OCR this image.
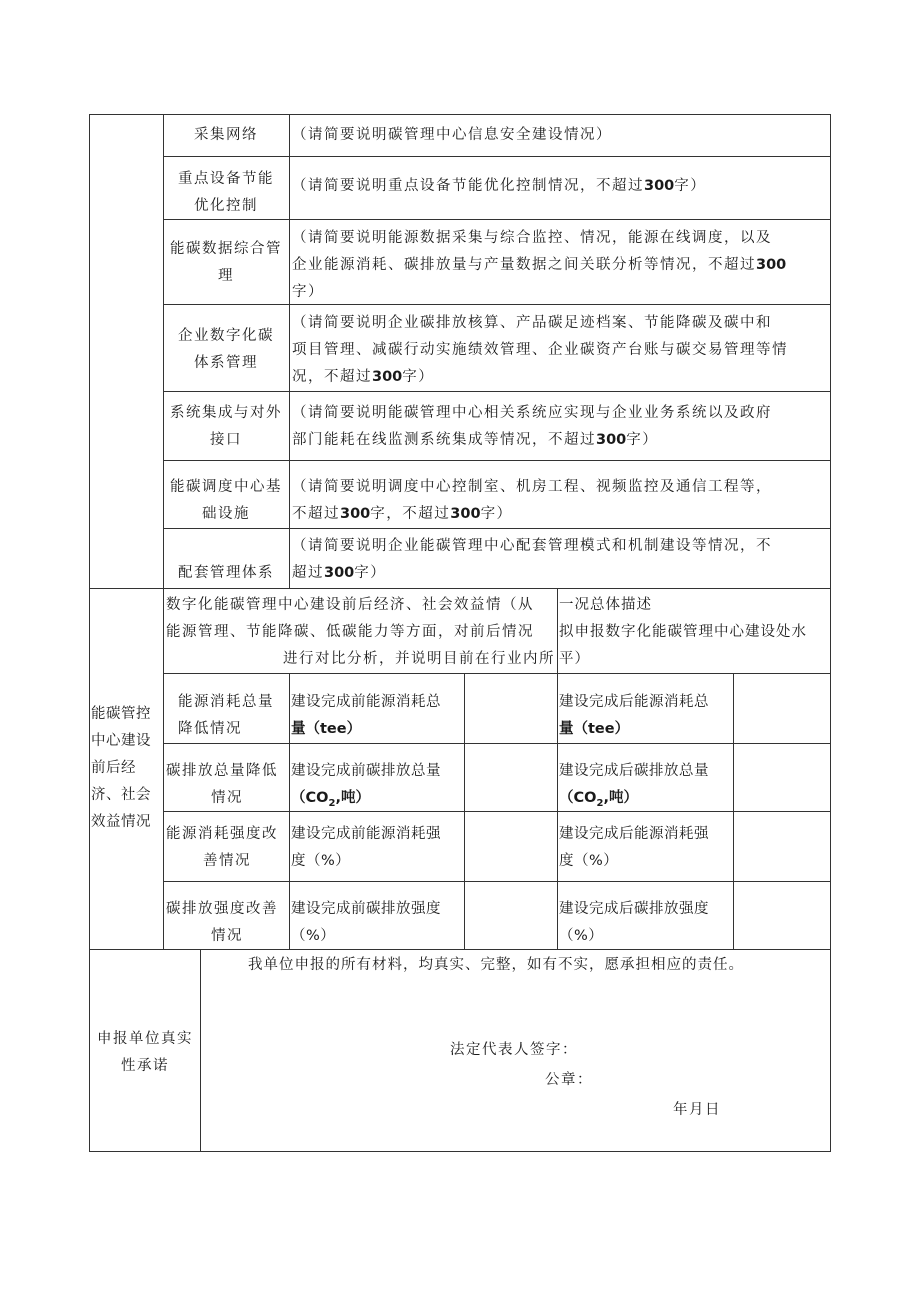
采集网络	（请简要说明碳管理中心信息安全建设情况）
重点设备节能
优化控制
（请简要说明重点设备节能优化控制情况，不超过300字）
能碳数据综合管
理
（请简要说明能源数据采集与综合监控、情况，能源在线调度，以及
企业能源消耗、碳排放量与产量数据之间关联分析等情况，不超过300
字）
企业数字化碳
体系管理
（请简要说明企业碳排放核算、产品碳足迹档案、节能降碳及碳中和
项目管理、减碳行动实施绩效管理、企业碳资产台账与碳交易管理等情
况，不超过300字）
系统集成与对外
接口
（请简要说明能碳管理中心相关系统应实现与企业业务系统以及政府
部门能耗在线监测系统集成等情况，不超过300字）
能碳调度中心基
础设施
（请简要说明调度中心控制室、机房工程、视频监控及通信工程等，
不超过300字，不超过300字）
配套管理体系
（请简要说明企业能碳管理中心配套管理模式和机制建设等情况，不
超过300字）
能碳管控
中心建设
前后经
济、社会
效益情况
数字化能碳管理中心建设前后经济、社会效益情（从
能源管理、节能降碳、低碳能力等方面，对前后情况
进行对比分析，并说明目前在行业内所
一况总体描述
拟申报数字化能碳管理中心建设处水
平）
能源消耗总量
降低情况
建设完成前能源消耗总
量（tee）
建设完成后能源消耗总
量（tee）
碳排放总量降低
情况
建设完成前碳排放总量
（$CO_2$,吨）
建设完成后碳排放总量
（$CO_2$,吨）
能源消耗强度改
善情况
建设完成前能源消耗强
度（%）
建设完成后能源消耗强
度（%）
碳排放强度改善
情况
建设完成前碳排放强度
（%）
建设完成后碳排放强度
（%）
申报单位真实
性承诺
我单位申报的所有材料，均真实、完整，如有不实，愿承担相应的责任。
法定代表人签字：
公章：
年月日
